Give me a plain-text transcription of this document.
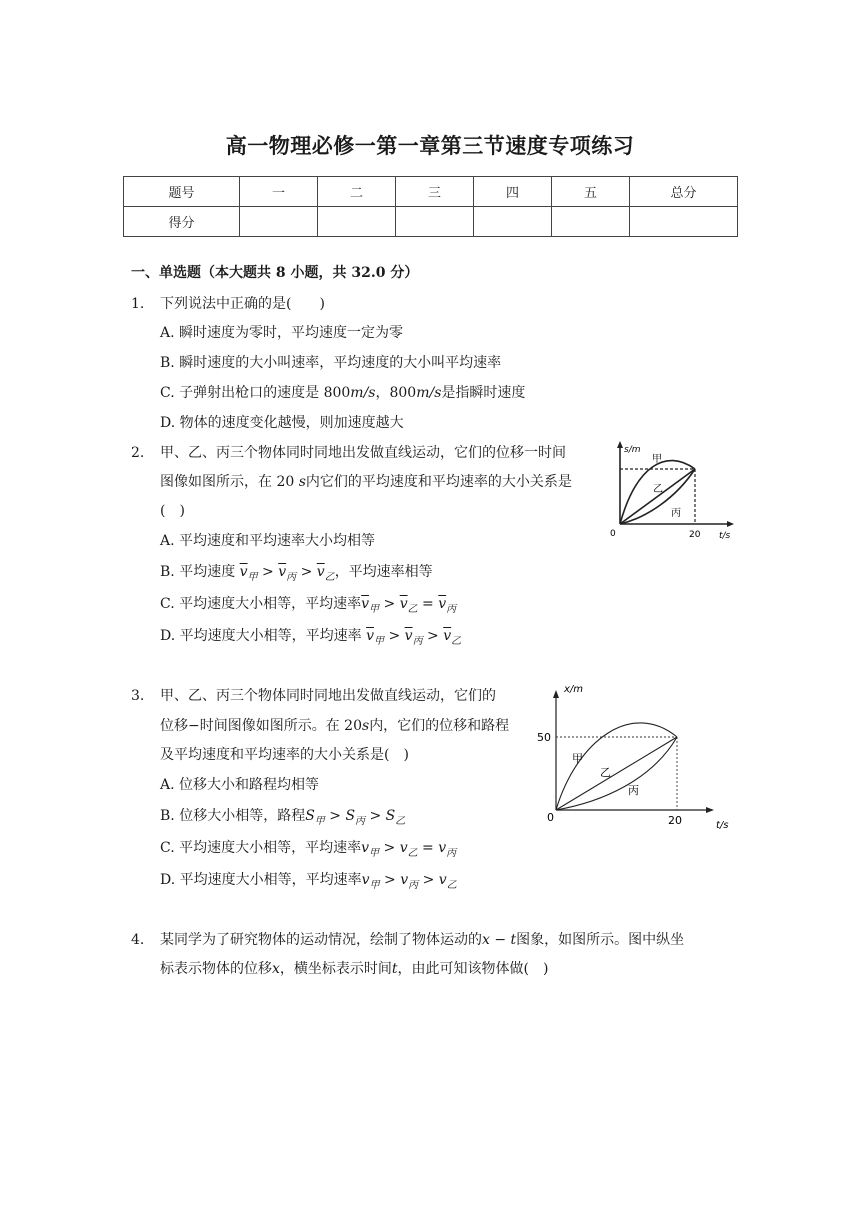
高一物理必修一第一章第三节速度专项练习
题号	一	二	三	四	五	总分
得分						
一、单选题（本大题共 8 小题，共 32.0 分）
1. 下列说法中正确的是(　　)
A. 瞬时速度为零时，平均速度一定为零
B. 瞬时速度的大小叫速率，平均速度的大小叫平均速率
C. 子弹射出枪口的速度是 800m/s，800m/s是指瞬时速度
D. 物体的速度变化越慢，则加速度越大
2. 甲、乙、丙三个物体同时同地出发做直线运动，它们的位移一时间
图像如图所示，在 20 s内它们的平均速度和平均速率的大小关系是
(　)
A. 平均速度和平均速率大小均相等
B. 平均速度 $\overline{v}_甲 > \overline{v}_丙 > \overline{v}_乙$，平均速率相等
C. 平均速度大小相等，平均速率$\overline{v}_甲 > \overline{v}_乙 = \overline{v}_丙$
D. 平均速度大小相等，平均速率 $\overline{v}_甲 > \overline{v}_丙 > \overline{v}_乙$
s/m
t/s
0	20
甲
乙
丙
3. 甲、乙、丙三个物体同时同地出发做直线运动，它们的
位移−时间图像如图所示。在 20s内，它们的位移和路程
及平均速度和平均速率的大小关系是(　)
A. 位移大小和路程均相等
B. 位移大小相等，路程$S_甲 > S_丙 > S_乙$
C. 平均速度大小相等，平均速率$v_甲 > v_乙 = v_丙$
D. 平均速度大小相等，平均速率$v_甲 > v_丙 > v_乙$
x/m
t/s
0
50
20
甲
乙
丙
4. 某同学为了研究物体的运动情况，绘制了物体运动的x − t图象，如图所示。图中纵坐
标表示物体的位移x，横坐标表示时间t，由此可知该物体做(　)
